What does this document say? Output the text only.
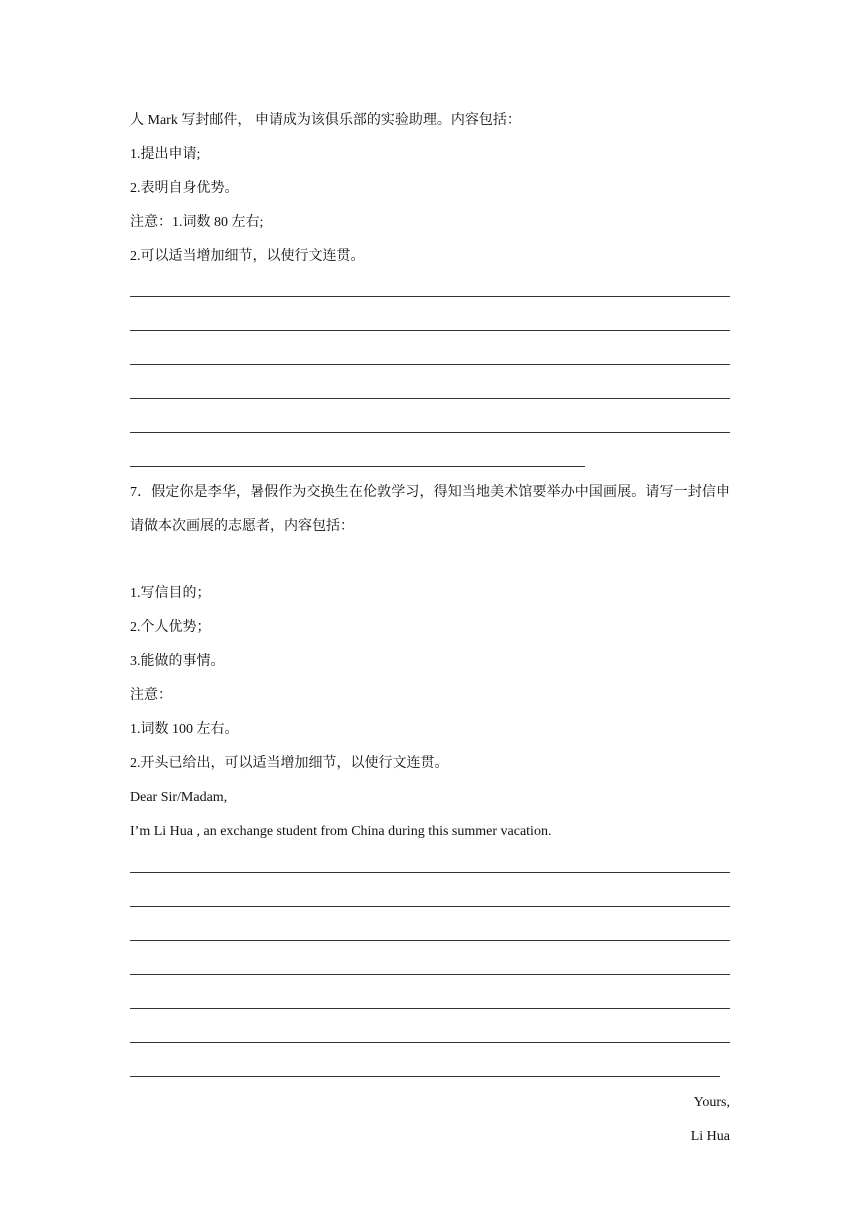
人 Mark 写封邮件， 申请成为该俱乐部的实验助理。内容包括：
1.提出申请;
2.表明自身优势。
注意：1.词数 80 左右;
2.可以适当增加细节，以使行文连贯。
7．假定你是李华，暑假作为交换生在伦敦学习，得知当地美术馆要举办中国画展。请写一封信申请做本次画展的志愿者，内容包括：
1.写信目的；
2.个人优势；
3.能做的事情。
注意：
1.词数 100 左右。
2.开头已给出，可以适当增加细节，以使行文连贯。
Dear Sir/Madam,
I’m Li Hua , an exchange student from China during this summer vacation.
Yours,
Li Hua
